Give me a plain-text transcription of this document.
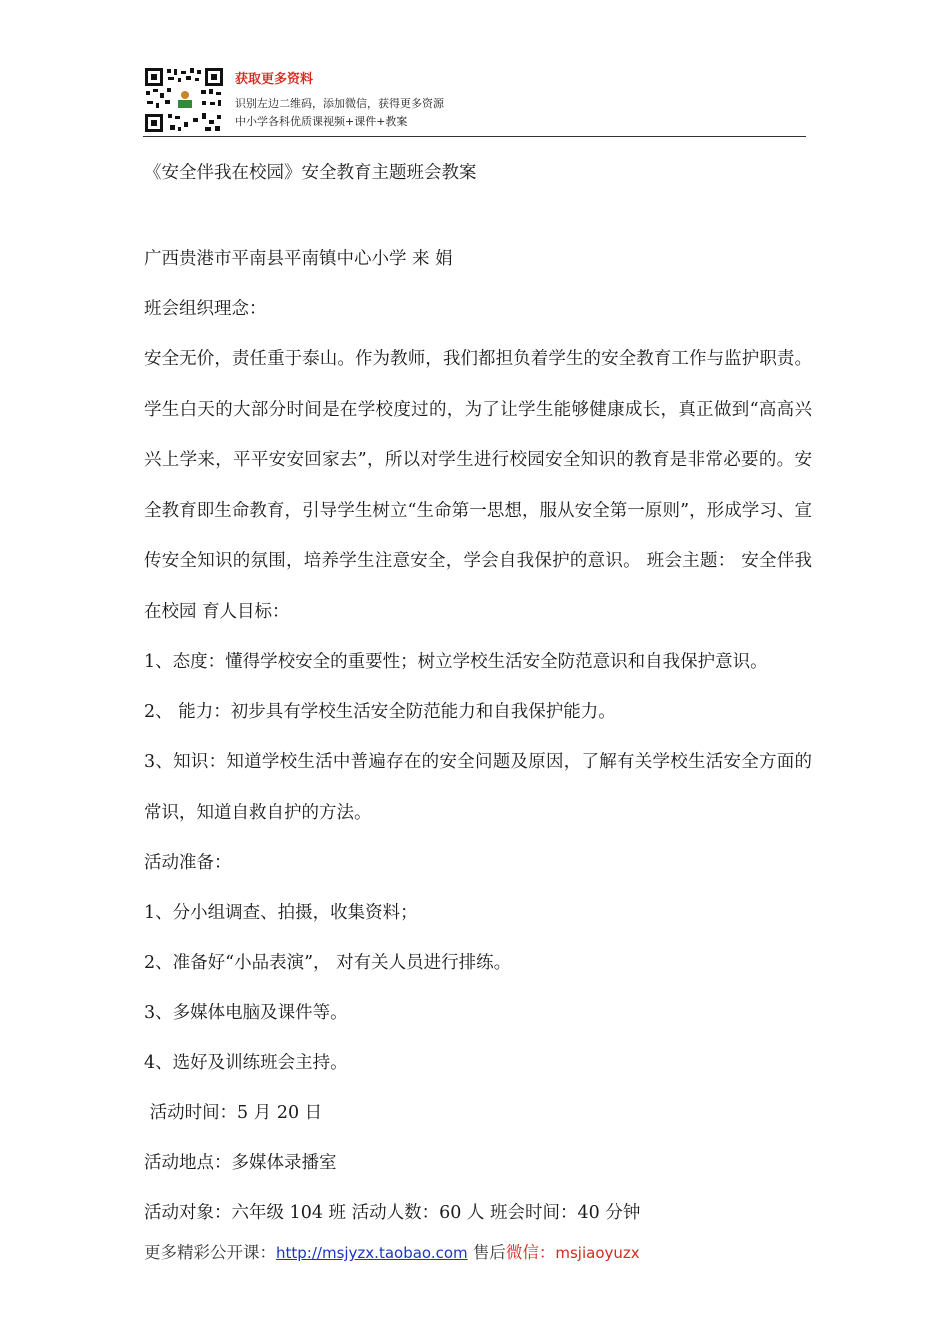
获取更多资料
识别左边二维码，添加微信，获得更多资源
中小学各科优质课视频+课件+教案

《安全伴我在校园》安全教育主题班会教案

广西贵港市平南县平南镇中心小学 来 娟

班会组织理念：

安全无价，责任重于泰山。作为教师，我们都担负着学生的安全教育工作与监护职责。学生白天的大部分时间是在学校度过的，为了让学生能够健康成长，真正做到“高高兴兴上学来，平平安安回家去”，所以对学生进行校园安全知识的教育是非常必要的。安全教育即生命教育，引导学生树立“生命第一思想，服从安全第一原则”，形成学习、宣传安全知识的氛围，培养学生注意安全，学会自我保护的意识。 班会主题： 安全伴我在校园 育人目标：

1、态度：懂得学校安全的重要性；树立学校生活安全防范意识和自我保护意识。

2、 能力：初步具有学校生活安全防范能力和自我保护能力。

3、知识：知道学校生活中普遍存在的安全问题及原因，了解有关学校生活安全方面的常识，知道自救自护的方法。

活动准备：

1、分小组调查、拍摄，收集资料；

2、准备好“小品表演”， 对有关人员进行排练。

3、多媒体电脑及课件等。

4、选好及训练班会主持。

活动时间：5 月 20 日

活动地点：多媒体录播室

活动对象：六年级 104 班 活动人数：60 人 班会时间：40 分钟

更多精彩公开课：http://msjyzx.taobao.com 售后微信：msjiaoyuzx
